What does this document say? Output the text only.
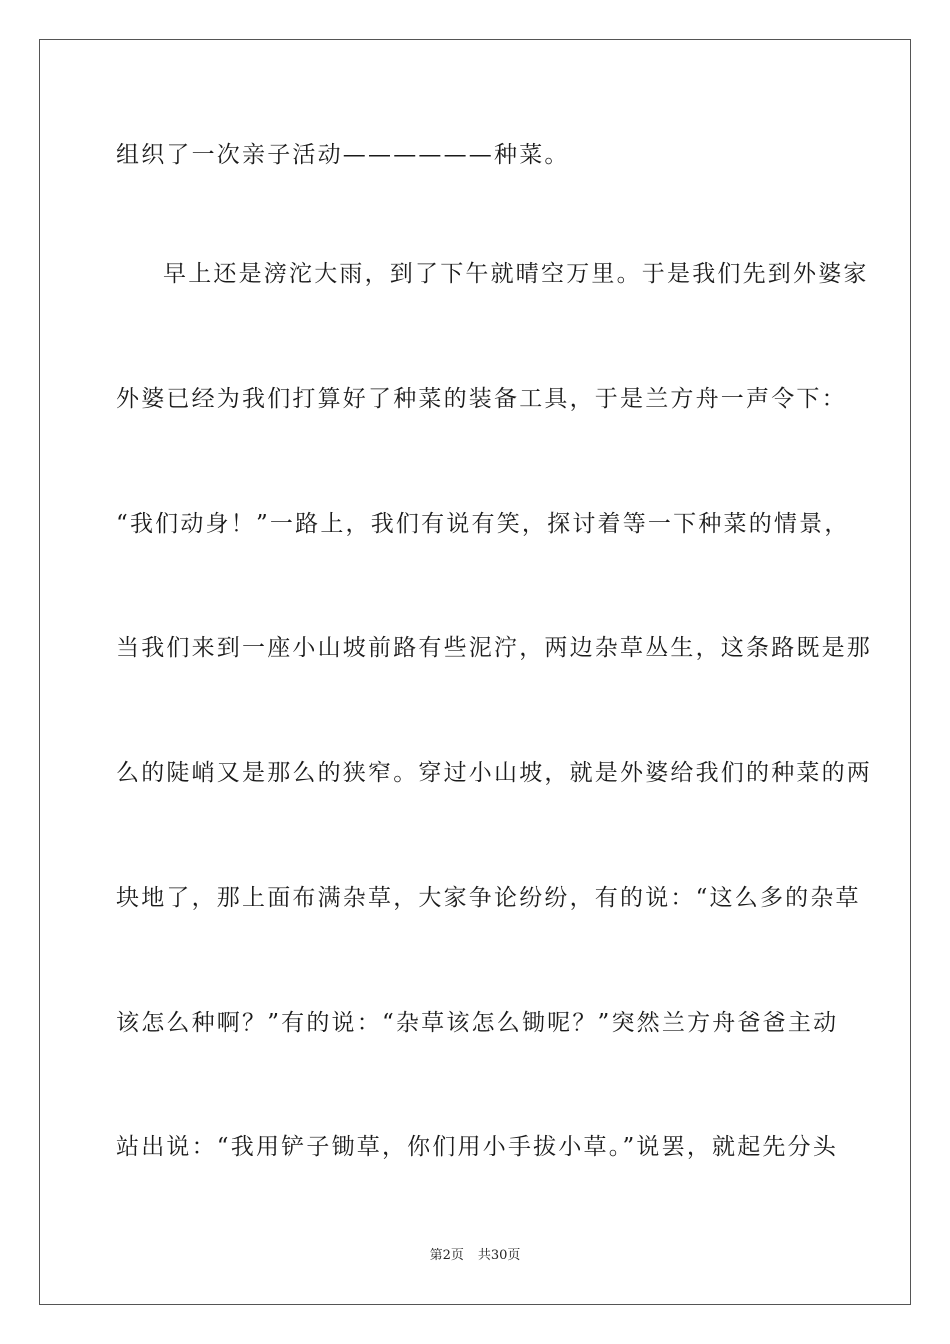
组织了一次亲子活动——————种菜。
早上还是滂沱大雨，到了下午就晴空万里。于是我们先到外婆家
外婆已经为我们打算好了种菜的装备工具，于是兰方舟一声令下：
“我们动身！”一路上，我们有说有笑，探讨着等一下种菜的情景，
当我们来到一座小山坡前路有些泥泞，两边杂草丛生，这条路既是那
么的陡峭又是那么的狭窄。穿过小山坡，就是外婆给我们的种菜的两
块地了，那上面布满杂草，大家争论纷纷，有的说：“这么多的杂草
该怎么种啊？”有的说：“杂草该怎么锄呢？”突然兰方舟爸爸主动
站出说：“我用铲子锄草，你们用小手拔小草。”说罢，就起先分头
第2页 共30页
